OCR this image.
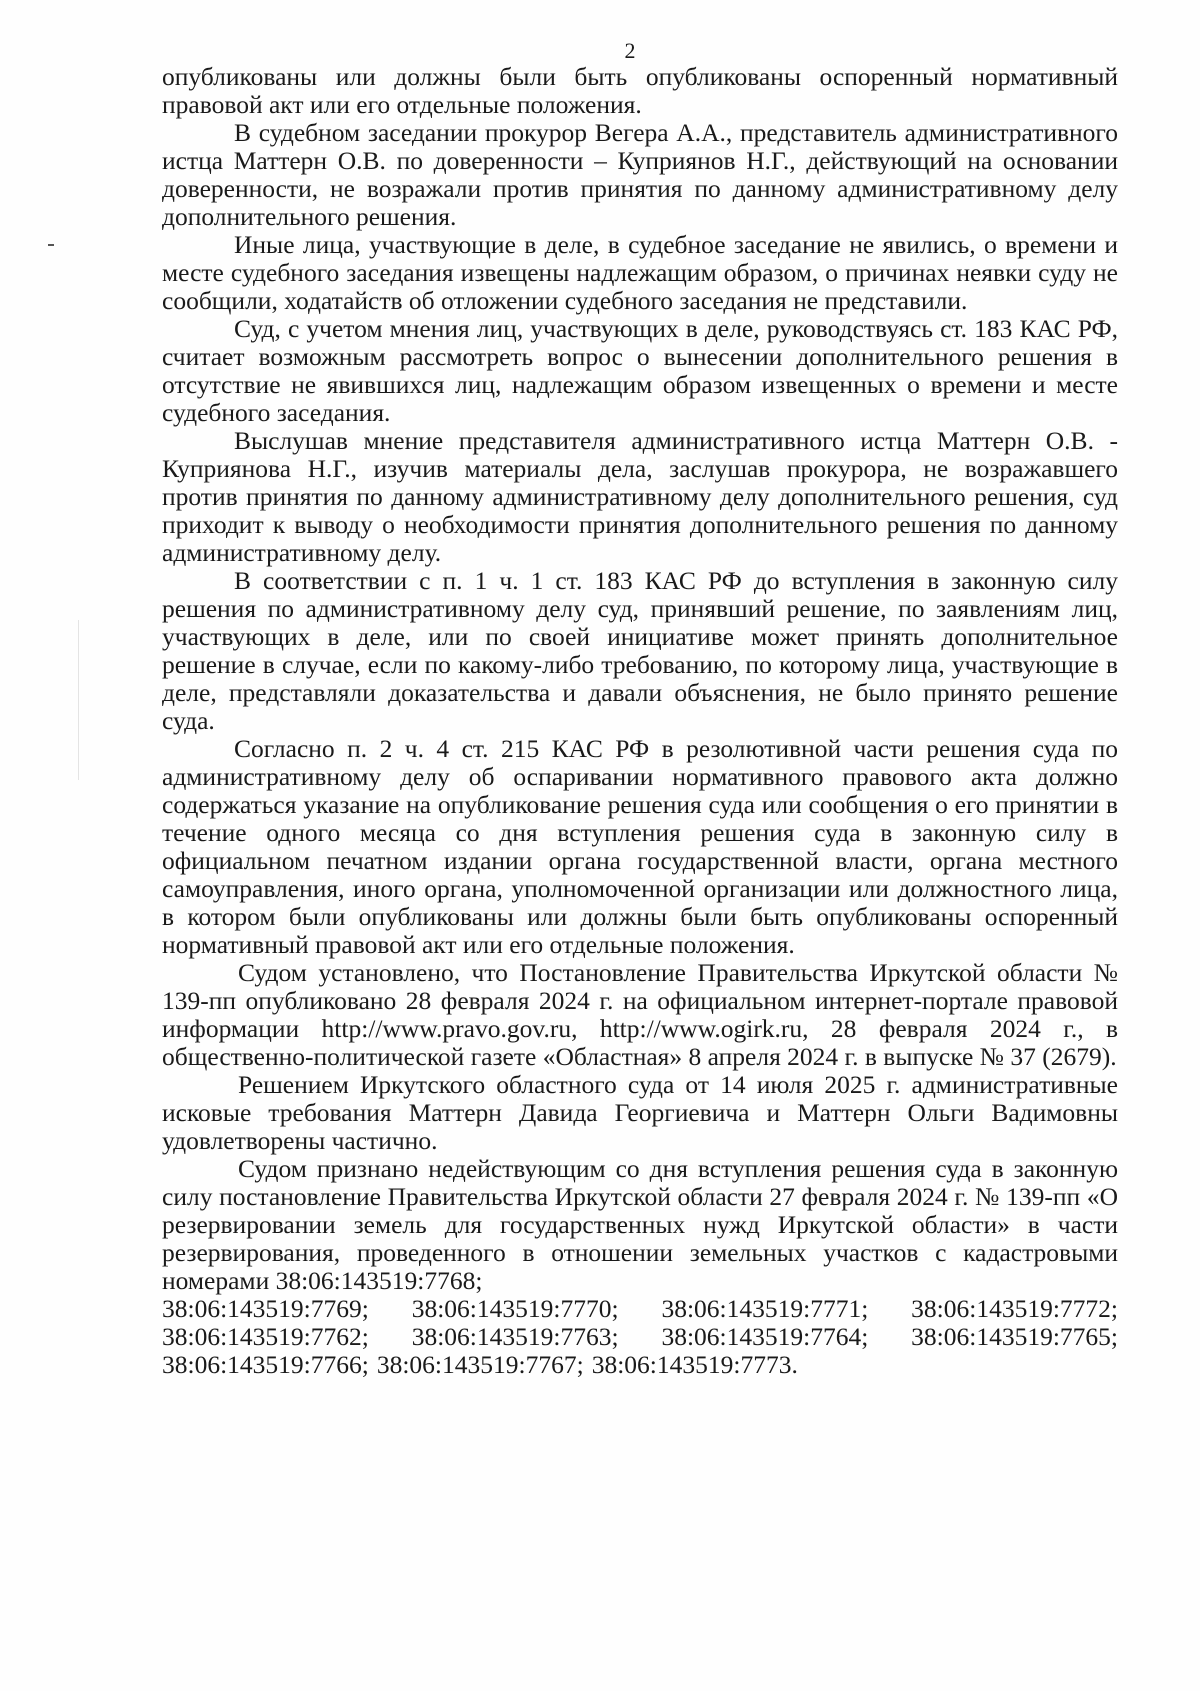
2

опубликованы или должны были быть опубликованы оспоренный нормативный правовой акт или его отдельные положения.

В судебном заседании прокурор Вегера А.А., представитель административного истца Маттерн О.В. по доверенности – Куприянов Н.Г., действующий на основании доверенности, не возражали против принятия по данному административному делу дополнительного решения.

Иные лица, участвующие в деле, в судебное заседание не явились, о времени и месте судебного заседания извещены надлежащим образом, о причинах неявки суду не сообщили, ходатайств об отложении судебного заседания не представили.

Суд, с учетом мнения лиц, участвующих в деле, руководствуясь ст. 183 КАС РФ, считает возможным рассмотреть вопрос о вынесении дополнительного решения в отсутствие не явившихся лиц, надлежащим образом извещенных о времени и месте судебного заседания.

Выслушав мнение представителя административного истца Маттерн О.В. - Куприянова Н.Г., изучив материалы дела, заслушав прокурора, не возражавшего против принятия по данному административному делу дополнительного решения, суд приходит к выводу о необходимости принятия дополнительного решения по данному административному делу.

В соответствии с п. 1 ч. 1 ст. 183 КАС РФ до вступления в законную силу решения по административному делу суд, принявший решение, по заявлениям лиц, участвующих в деле, или по своей инициативе может принять дополнительное решение в случае, если по какому-либо требованию, по которому лица, участвующие в деле, представляли доказательства и давали объяснения, не было принято решение суда.

Согласно п. 2 ч. 4 ст. 215 КАС РФ в резолютивной части решения суда по административному делу об оспаривании нормативного правового акта должно содержаться указание на опубликование решения суда или сообщения о его принятии в течение одного месяца со дня вступления решения суда в законную силу в официальном печатном издании органа государственной власти, органа местного самоуправления, иного органа, уполномоченной организации или должностного лица, в котором были опубликованы или должны были быть опубликованы оспоренный нормативный правовой акт или его отдельные положения.

Судом установлено, что Постановление Правительства Иркутской области № 139-пп опубликовано 28 февраля 2024 г. на официальном интернет-портале правовой информации http://www.pravo.gov.ru, http://www.ogirk.ru, 28 февраля 2024 г., в общественно-политической газете «Областная» 8 апреля 2024 г. в выпуске № 37 (2679).

Решением Иркутского областного суда от 14 июля 2025 г. административные исковые требования Маттерн Давида Георгиевича и Маттерн Ольги Вадимовны удовлетворены частично.

Судом признано недействующим со дня вступления решения суда в законную силу постановление Правительства Иркутской области 27 февраля 2024 г. № 139-пп «О резервировании земель для государственных нужд Иркутской области» в части резервирования, проведенного в отношении земельных участков с кадастровыми номерами 38:06:143519:7768;

38:06:143519:7769; 38:06:143519:7770; 38:06:143519:7771; 38:06:143519:7772;
38:06:143519:7762; 38:06:143519:7763; 38:06:143519:7764; 38:06:143519:7765;
38:06:143519:7766; 38:06:143519:7767; 38:06:143519:7773.
